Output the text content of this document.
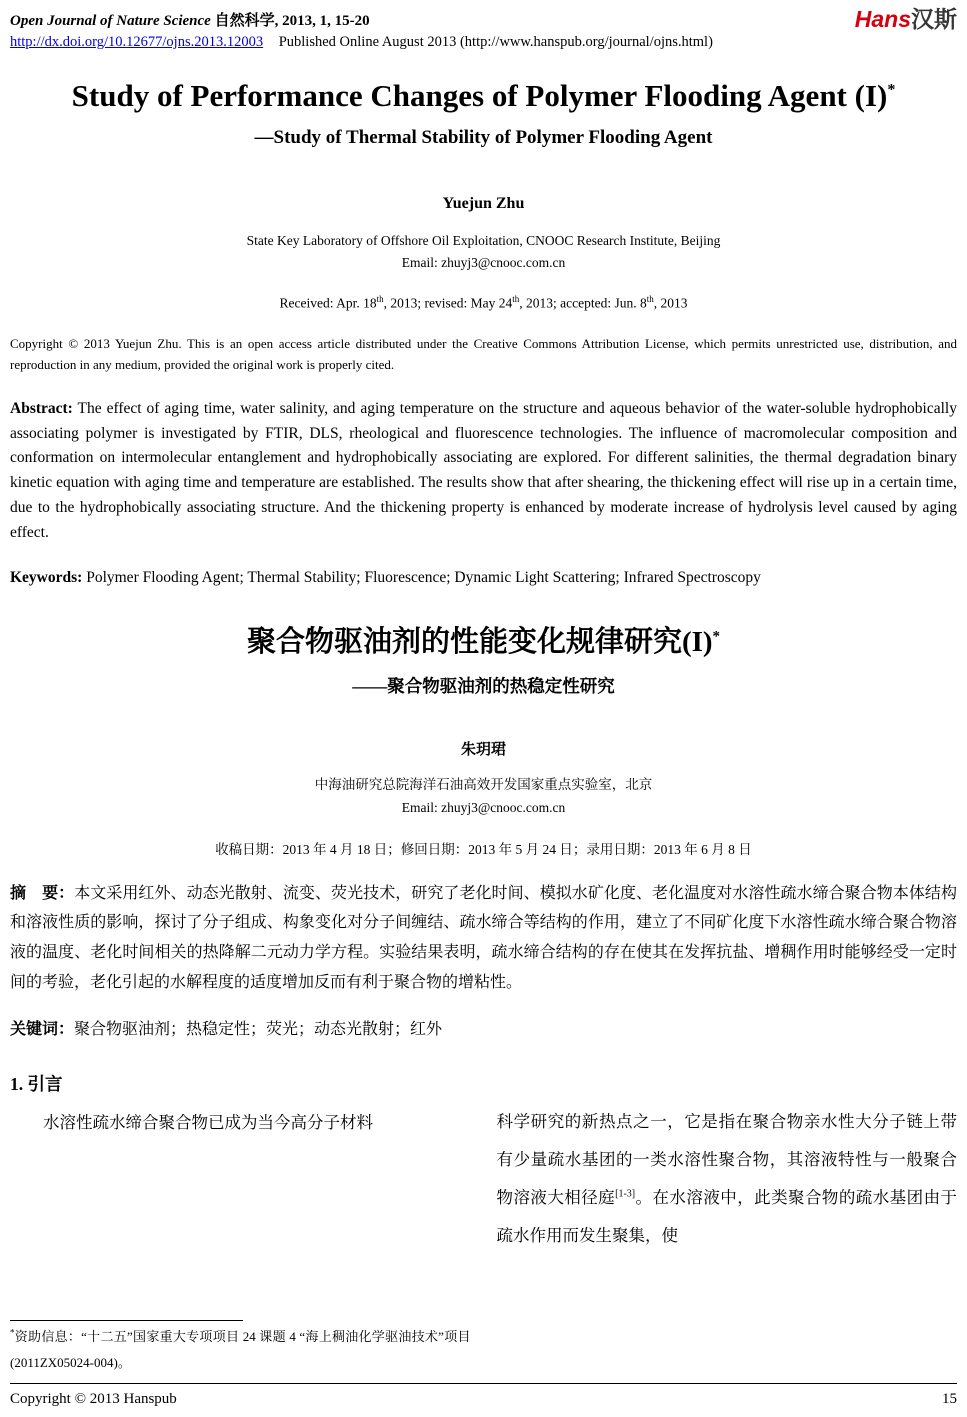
Open Journal of Nature Science 自然科学, 2013, 1, 15-20	Hans汉斯
http://dx.doi.org/10.12677/ojns.2013.12003 Published Online August 2013 (http://www.hanspub.org/journal/ojns.html)
Study of Performance Changes of Polymer Flooding Agent (I)*
—Study of Thermal Stability of Polymer Flooding Agent
Yuejun Zhu
State Key Laboratory of Offshore Oil Exploitation, CNOOC Research Institute, Beijing
Email: zhuyj3@cnooc.com.cn
Received: Apr. 18th, 2013; revised: May 24th, 2013; accepted: Jun. 8th, 2013

Copyright © 2013 Yuejun Zhu. This is an open access article distributed under the Creative Commons Attribution License, which permits unrestricted use, distribution, and reproduction in any medium, provided the original work is properly cited.

Abstract: The effect of aging time, water salinity, and aging temperature on the structure and aqueous behavior of the water-soluble hydrophobically associating polymer is investigated by FTIR, DLS, rheological and fluorescence technologies. The influence of macromolecular composition and conformation on intermolecular entanglement and hydrophobically associating are explored. For different salinities, the thermal degradation binary kinetic equation with aging time and temperature are established. The results show that after shearing, the thickening effect will rise up in a certain time, due to the hydrophobically associating structure. And the thickening property is enhanced by moderate increase of hydrolysis level caused by aging effect.

Keywords: Polymer Flooding Agent; Thermal Stability; Fluorescence; Dynamic Light Scattering; Infrared Spectroscopy

聚合物驱油剂的性能变化规律研究(I)*
——聚合物驱油剂的热稳定性研究
朱玥珺
中海油研究总院海洋石油高效开发国家重点实验室，北京
Email: zhuyj3@cnooc.com.cn
收稿日期：2013 年 4 月 18 日；修回日期：2013 年 5 月 24 日；录用日期：2013 年 6 月 8 日

摘　要：本文采用红外、动态光散射、流变、荧光技术，研究了老化时间、模拟水矿化度、老化温度对水溶性疏水缔合聚合物本体结构和溶液性质的影响，探讨了分子组成、构象变化对分子间缠结、疏水缔合等结构的作用，建立了不同矿化度下水溶性疏水缔合聚合物溶液的温度、老化时间相关的热降解二元动力学方程。实验结果表明，疏水缔合结构的存在使其在发挥抗盐、增稠作用时能够经受一定时间的考验，老化引起的水解程度的适度增加反而有利于聚合物的增粘性。

关键词：聚合物驱油剂；热稳定性；荧光；动态光散射；红外

1. 引言

水溶性疏水缔合聚合物已成为当今高分子材料

*资助信息：“十二五”国家重大专项项目 24 课题 4 “海上稠油化学驱油技术”项目(2011ZX05024-004)。

科学研究的新热点之一，它是指在聚合物亲水性大分子链上带有少量疏水基团的一类水溶性聚合物，其溶液特性与一般聚合物溶液大相径庭[1-3]。在水溶液中，此类聚合物的疏水基团由于疏水作用而发生聚集，使

Copyright © 2013 Hanspub	15
